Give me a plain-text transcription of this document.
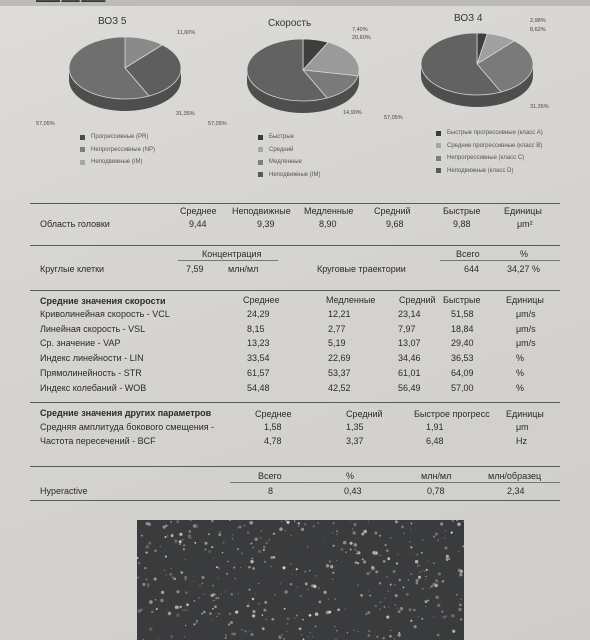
▬▬▬▬ ▬▬▬ ▬▬▬▬
ВОЗ 5
11,60%
31,35%
57,05%
Прогрессивные (PR)
Непрогрессивные (NP)
Неподвижные (IM)
Скорость
7,40%
20,60%
14,90%
57,05%
Быстрые
Средний
Медленные
Неподвижные (IM)
ВОЗ 4	2,98%
8,62%
31,35%
57,05%
Быстрые прогрессивные (класс A)
Средние прогрессивные (класс B)
Непрогрессивные (класс C)
Неподвижные (класс D)
Среднее Неподвижные Медленные Средний	Быстрые	Единицы
Область головки	9,44	9,39	8,90	9,68	9,88	μm²
Концентрация	Всего	%
Круглые клетки	7,59	млн/мл	Круговые траектории	644	34,27 %
Средние значения скорости	Среднее	Медленные	Средний Быстрые	Единицы
Криволинейная скорость - VCL	24,29	12,21	23,14	51,58	μm/s
Линейная скорость - VSL	8,15	2,77	7,97	18,84	μm/s
Ср. значение - VAP	13,23	5,19	13,07	29,40	μm/s
Индекс линейности - LIN	33,54	22,69	34,46	36,53	%
Прямолинейность - STR	61,57	53,37	61,01	64,09	%
Индекс колебаний - WOB	54,48	42,52	56,49	57,00	%
Средние значения других параметров	Среднее	Средний	Быстрое прогресс Единицы
Средняя амплитуда бокового смещения -	1,58	1,35	1,91	μm
Частота пересечений - BCF	4,78	3,37	6,48	Hz
Всего	%	млн/мл	млн/образец
Hyperactive	8	0,43	0,78	2,34
